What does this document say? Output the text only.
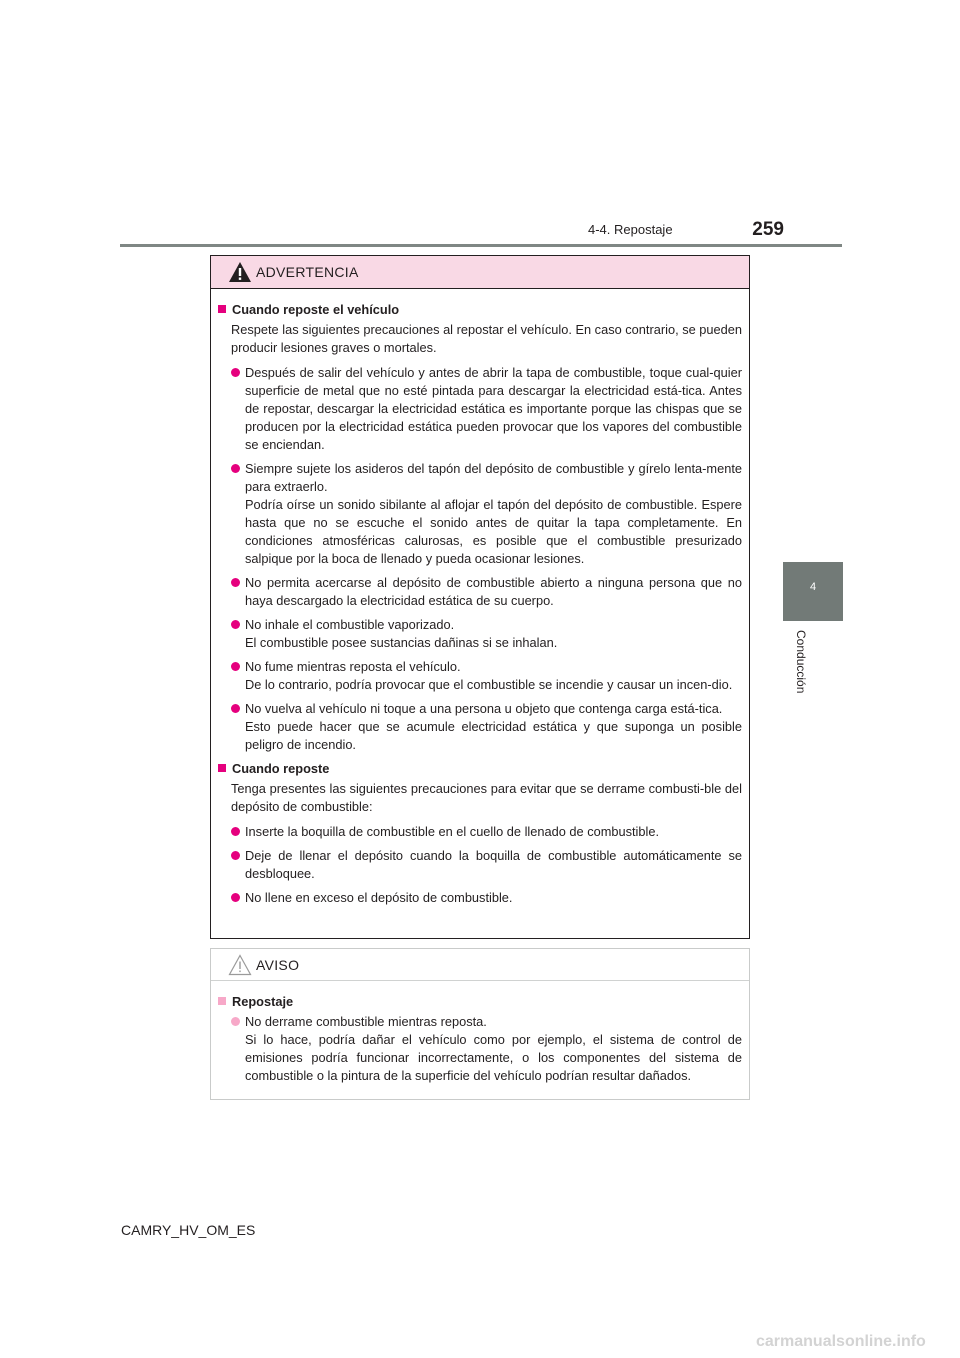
259
4-4. Repostaje
4
Conducción
ADVERTENCIA
Cuando reposte el vehículo
Respete las siguientes precauciones al repostar el vehículo. En caso contrario, se pueden producir lesiones graves o mortales.
Después de salir del vehículo y antes de abrir la tapa de combustible, toque cual-quier superficie de metal que no esté pintada para descargar la electricidad está-tica. Antes de repostar, descargar la electricidad estática es importante porque las chispas que se producen por la electricidad estática pueden provocar que los vapores del combustible se enciendan.
Siempre sujete los asideros del tapón del depósito de combustible y gírelo lenta-mente para extraerlo.
Podría oírse un sonido sibilante al aflojar el tapón del depósito de combustible. Espere hasta que no se escuche el sonido antes de quitar la tapa completamente. En condiciones atmosféricas calurosas, es posible que el combustible presurizado salpique por la boca de llenado y pueda ocasionar lesiones.
No permita acercarse al depósito de combustible abierto a ninguna persona que no haya descargado la electricidad estática de su cuerpo.
No inhale el combustible vaporizado.
El combustible posee sustancias dañinas si se inhalan.
No fume mientras reposta el vehículo.
De lo contrario, podría provocar que el combustible se incendie y causar un incen-dio.
No vuelva al vehículo ni toque a una persona u objeto que contenga carga está-tica.
Esto puede hacer que se acumule electricidad estática y que suponga un posible peligro de incendio.
Cuando reposte
Tenga presentes las siguientes precauciones para evitar que se derrame combusti-ble del depósito de combustible:
Inserte la boquilla de combustible en el cuello de llenado de combustible.
Deje de llenar el depósito cuando la boquilla de combustible automáticamente se desbloquee.
No llene en exceso el depósito de combustible.
AVISO
Repostaje
No derrame combustible mientras reposta.
Si lo hace, podría dañar el vehículo como por ejemplo, el sistema de control de emisiones podría funcionar incorrectamente, o los componentes del sistema de combustible o la pintura de la superficie del vehículo podrían resultar dañados.
CAMRY_HV_OM_ES
carmanualsonline.info
